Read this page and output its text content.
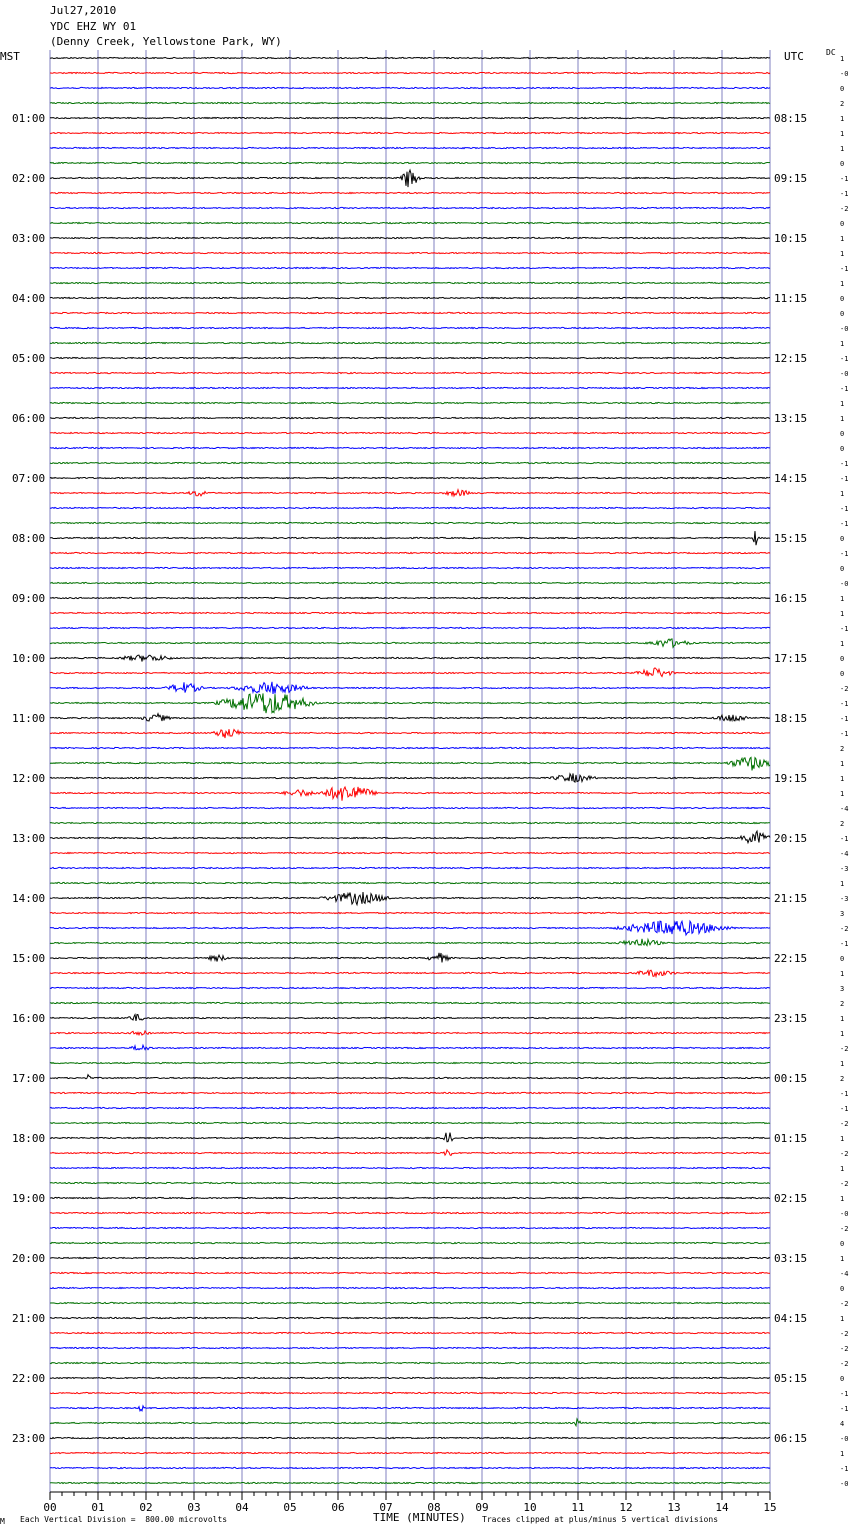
Jul27,2010
YDC EHZ WY 01
(Denny Creek, Yellowstone Park, WY)
MST	UTC	DC
1
-0
0
2
1
1
1
0
-1
-1
-2
0
1
1
-1
1
0
0
-0
1
-1
-0
-1
1
1
0
0
-1
-1
1
-1
-1
0
-1
0
-0
1
1
-1
1
0
0
-2
-1
-1
-1
2
1
1
1
-4
2
-1
-4
-3
1
-3
3
-2
-1
0
1
3
2
1
1
-2
1
2
-1
-1
-2
1
-2
1
-2
1
-0
-2
0
1
-4
0
-2
1
-2
-2
-2
0
-1
-1
4
-0
1
-1
-0
01:00
02:00
03:00
04:00
05:00
06:00
07:00
08:00
09:00
10:00
11:00
12:00
13:00
14:00
15:00
16:00
17:00
18:00
19:00
20:00
21:00
22:00
23:00
08:15
09:15
10:15
11:15
12:15
13:15
14:15
15:15
16:15
17:15
18:15
19:15
20:15
21:15
22:15
23:15
00:15
01:15
02:15
03:15
04:15
05:15
06:15
00	01	02	03	04	05	06	07	08	09	10	11	12	13	14	15
M Each Vertical Division =  800.00 microvolts	TIME (MINUTES) Traces clipped at plus/minus 5 vertical divisions
